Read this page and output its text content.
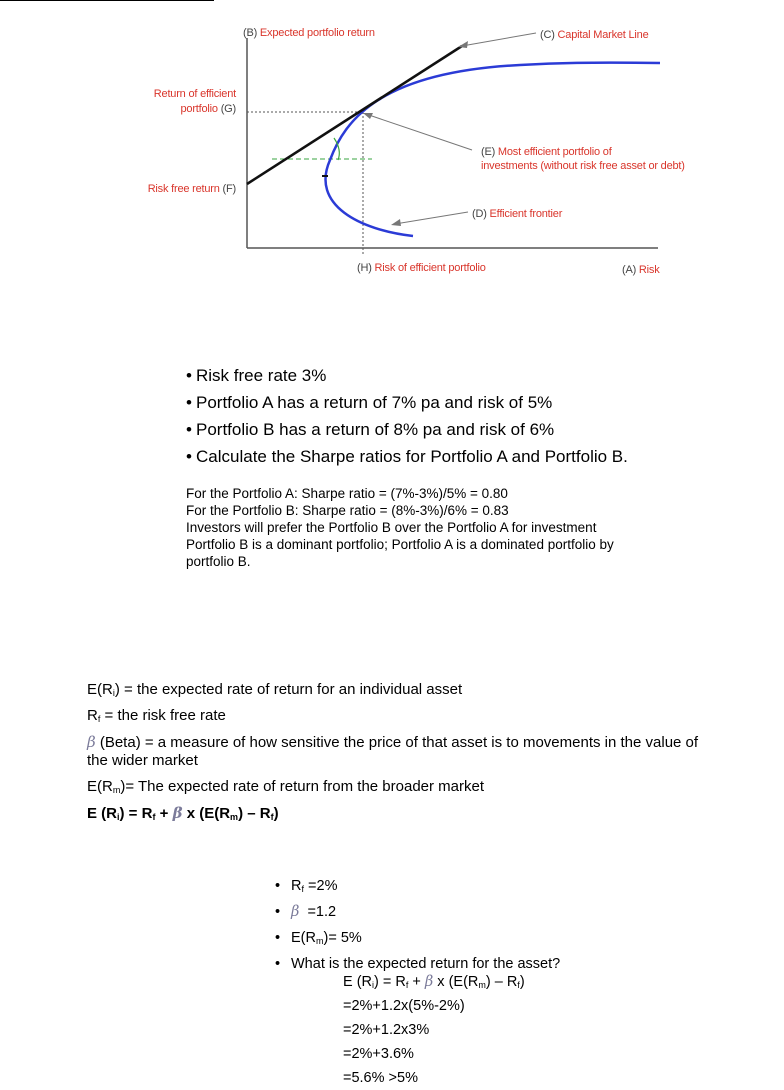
(B) Expected portfolio return	(C) Capital Market Line
Return of efficient
portfolio (G)
Risk free return (F)
(E) Most efficient portfolio of
investments (without risk free asset or debt)
(D) Efficient frontier
(H) Risk of efficient portfolio	(A) Risk
• Risk free rate 3%
• Portfolio A has a return of 7% pa and risk of 5%
• Portfolio B has a return of 8% pa and risk of 6%
• Calculate the Sharpe ratios for Portfolio A and Portfolio B.
For the Portfolio A: Sharpe ratio = (7%-3%)/5% = 0.80
For the Portfolio B: Sharpe ratio = (8%-3%)/6% = 0.83
Investors will prefer the Portfolio B over the Portfolio A for investment
Portfolio B is a dominant portfolio; Portfolio A is a dominated portfolio by
portfolio B.
$E(R_i)$ = the expected rate of return for an individual asset
$R_f$ = the risk free rate
β (Beta) = a measure of how sensitive the price of that asset is to movements in the value of
the wider market
$E(R_m)=$ The expected rate of return from the broader market
E $(R_i) = R_f + \beta$ x $(E(R_m) - R_f)$
• $R_f =2\%$
• β =1.2
• $E(R_m)= 5\%$
• What is the expected return for the asset?
E $(R_i) = R_f + \beta$ x $(E(R_m) - R_f)$
=2%+1.2x(5%-2%)
=2%+1.2x3%
=2%+3.6%
=5.6% >5%
